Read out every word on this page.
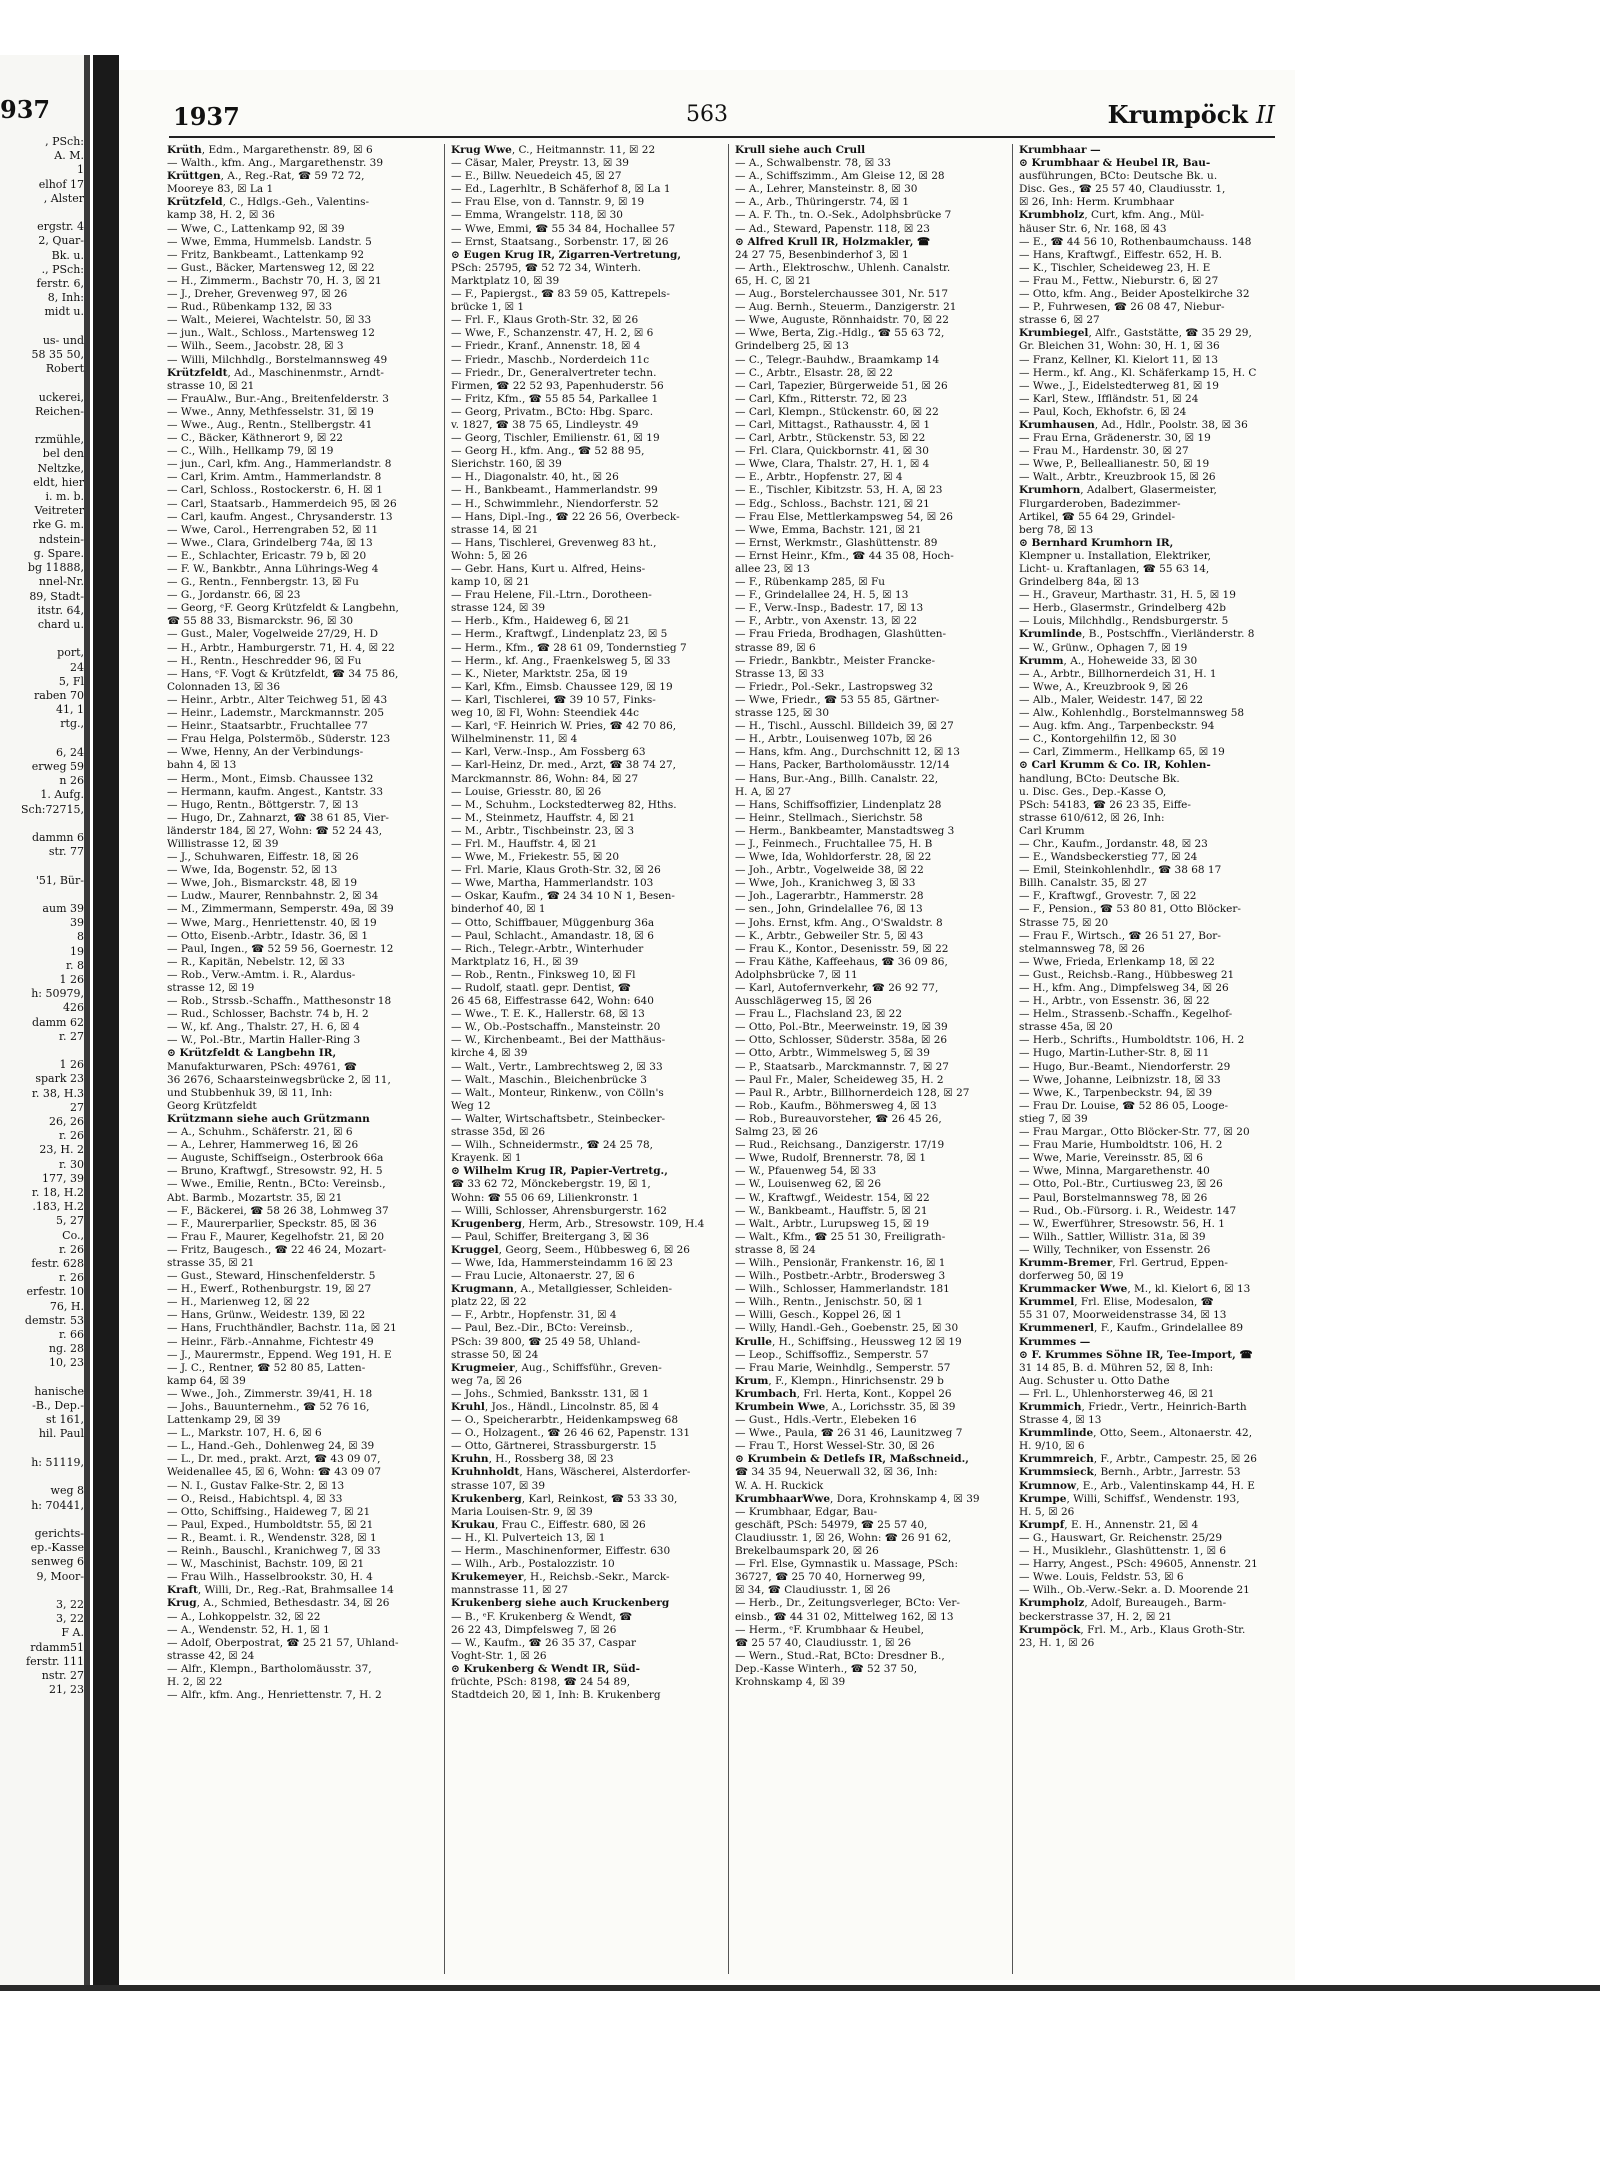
937
, PSch:
A. M.
1
elhof 17
, Alster

ergstr. 4
2, Quar-
Bk. u.
., PSch:
ferstr. 6,
8, Inh:
midt u.

us- und
58 35 50,
Robert

uckerei,
Reichen-

rzmühle,
bel den
Neltzke,
eldt, hier
i. m. b.
Veitreter
rke G. m.
ndstein-
g. Spare.
bg 11888,
nnel-Nr.
89, Stadt-
itstr. 64,
chard u.

port,
24
5, Fl
raben 70
41, 1
rtg.,

6, 24
erweg 59
n 26
1. Aufg.
Sch:72715,

dammn 6
str. 77

'51, Bür-

aum 39
39
8
19
r. 8
1 26
h: 50979,
426
damm 62
r. 27

1 26
spark 23
r. 38, H.3
27
26, 26
r. 26
23, H. 2
r. 30
177, 39
r. 18, H.2
.183, H.2
5, 27
Co.,
r. 26
festr. 628
r. 26
erfestr. 10
76, H.
demstr. 53
r. 66
ng. 28
10, 23

hanische
-B., Dep.-
st 161,
hil. Paul

h: 51119,

weg 8
h: 70441,

gerichts-
ep.-Kasse
senweg 6
9, Moor-

3, 22
3, 22
F A.
rdamm51
ferstr. 111
nstr. 27
21, 23
1937	563	Krumpöck II

Krüth, Edm., Margarethenstr. 89, ☒ 6

— Walth., kfm. Ang., Margarethenstr. 39

Krüttgen, A., Reg.-Rat, ☎ 59 72 72,

Mooreye 83, ☒ La 1

Krützfeld, C., Hdlgs.-Geh., Valentins-

kamp 38, H. 2, ☒ 36

— Wwe, C., Lattenkamp 92, ☒ 39

— Wwe, Emma, Hummelsb. Landstr. 5

— Fritz, Bankbeamt., Lattenkamp 92

— Gust., Bäcker, Martensweg 12, ☒ 22

— H., Zimmerm., Bachstr 70, H. 3, ☒ 21

— J., Dreher, Grevenweg 97, ☒ 26

— Rud., Rübenkamp 132, ☒ 33

— Walt., Meierei, Wachtelstr. 50, ☒ 33

— jun., Walt., Schloss., Martensweg 12

— Wilh., Seem., Jacobstr. 28, ☒ 3

— Willi, Milchhdlg., Borstelmannsweg 49

Krützfeldt, Ad., Maschinenmstr., Arndt-

strasse 10, ☒ 21

— FrauAlw., Bur.-Ang., Breitenfelderstr. 3

— Wwe., Anny, Methfesselstr. 31, ☒ 19

— Wwe., Aug., Rentn., Stellbergstr. 41

— C., Bäcker, Käthnerort 9, ☒ 22

— C., Wilh., Hellkamp 79, ☒ 19

— jun., Carl, kfm. Ang., Hammerlandstr. 8

— Carl, Krim. Amtm., Hammerlandstr. 8

— Carl, Schloss., Rostockerstr. 6, H. ☒ 1

— Carl, Staatsarb., Hammerdeich 95, ☒ 26

— Carl, kaufm. Angest., Chrysanderstr. 13

— Wwe, Carol., Herrengraben 52, ☒ 11

— Wwe., Clara, Grindelberg 74a, ☒ 13

— E., Schlachter, Ericastr. 79 b, ☒ 20

— F. W., Bankbtr., Anna Lührings-Weg 4

— G., Rentn., Fennbergstr. 13, ☒ Fu

— G., Jordanstr. 66, ☒ 23

— Georg, ᵉF. Georg Krützfeldt & Langbehn,

☎ 55 88 33, Bismarckstr. 96, ☒ 30

— Gust., Maler, Vogelweide 27/29, H. D

— H., Arbtr., Hamburgerstr. 71, H. 4, ☒ 22

— H., Rentn., Heschredder 96, ☒ Fu

— Hans, ᵉF. Vogt & Krützfeldt, ☎ 34 75 86,

Colonnaden 13, ☒ 36

— Heinr., Arbtr., Alter Teichweg 51, ☒ 43

— Heinr., Lademstr., Marckmannstr. 205

— Heinr., Staatsarbtr., Fruchtallee 77

— Frau Helga, Polstermöb., Süderstr. 123

— Wwe, Henny, An der Verbindungs-

bahn 4, ☒ 13

— Herm., Mont., Eimsb. Chaussee 132

— Hermann, kaufm. Angest., Kantstr. 33

— Hugo, Rentn., Böttgerstr. 7, ☒ 13

— Hugo, Dr., Zahnarzt, ☎ 38 61 85, Vier-

länderstr 184, ☒ 27, Wohn: ☎ 52 24 43,

Willistrasse 12, ☒ 39

— J., Schuhwaren, Eiffestr. 18, ☒ 26

— Wwe, Ida, Bogenstr. 52, ☒ 13

— Wwe, Joh., Bismarckstr. 48, ☒ 19

— Ludw., Maurer, Rennbahnstr. 2, ☒ 34

— M., Zimmermann, Semperstr. 49a, ☒ 39

— Wwe, Marg., Henriettenstr. 40, ☒ 19

— Otto, Eisenb.-Arbtr., Idastr. 36, ☒ 1

— Paul, Ingen., ☎ 52 59 56, Goernestr. 12

— R., Kapitän, Nebelstr. 12, ☒ 33

— Rob., Verw.-Amtm. i. R., Alardus-

strasse 12, ☒ 19

— Rob., Strssb.-Schaffn., Matthesonstr 18

— Rud., Schlosser, Bachstr. 74 b, H. 2

— W., kf. Ang., Thalstr. 27, H. 6, ☒ 4

— W., Pol.-Btr., Martin Haller-Ring 3

⊙ Krützfeldt & Langbehn IR,

Manufakturwaren, PSch: 49761, ☎

36 2676, Schaarsteinwegsbrücke 2, ☒ 11,

und Stubbenhuk 39, ☒ 11, Inh:

Georg Krützfeldt

Krützmann siehe auch Grützmann

— A., Schuhm., Schäferstr. 21, ☒ 6

— A., Lehrer, Hammerweg 16, ☒ 26

— Auguste, Schiffseign., Osterbrook 66a

— Bruno, Kraftwgf., Stresowstr. 92, H. 5

— Wwe., Emilie, Rentn., BCto: Vereinsb.,

Abt. Barmb., Mozartstr. 35, ☒ 21

— F., Bäckerei, ☎ 58 26 38, Lohmweg 37

— F., Maurerparlier, Speckstr. 85, ☒ 36

— Frau F., Maurer, Kegelhofstr. 21, ☒ 20

— Fritz, Baugesch., ☎ 22 46 24, Mozart-

strasse 35, ☒ 21

— Gust., Steward, Hinschenfelderstr. 5

— H., Ewerf., Rothenburgstr. 19, ☒ 27

— H., Marienweg 12, ☒ 22

— Hans, Grünw., Weidestr. 139, ☒ 22

— Hans, Fruchthändler, Bachstr. 11a, ☒ 21

— Heinr., Färb.-Annahme, Fichtestr 49

— J., Maurermstr., Eppend. Weg 191, H. E

— J. C., Rentner, ☎ 52 80 85, Latten-

kamp 64, ☒ 39

— Wwe., Joh., Zimmerstr. 39/41, H. 18

— Johs., Bauunternehm., ☎ 52 76 16,

Lattenkamp 29, ☒ 39

— L., Markstr. 107, H. 6, ☒ 6

— L., Hand.-Geh., Dohlenweg 24, ☒ 39

— L., Dr. med., prakt. Arzt, ☎ 43 09 07,

Weidenallee 45, ☒ 6, Wohn: ☎ 43 09 07

— N. I., Gustav Falke-Str. 2, ☒ 13

— O., Reisd., Habichtspl. 4, ☒ 33

— Otto, Schiffsing., Haideweg 7, ☒ 21

— Paul, Exped., Humboldtstr. 55, ☒ 21

— R., Beamt. i. R., Wendenstr. 328, ☒ 1

— Reinh., Bauschl., Kranichweg 7, ☒ 33

— W., Maschinist, Bachstr. 109, ☒ 21

— Frau Wilh., Hasselbrookstr. 30, H. 4

Kraft, Willi, Dr., Reg.-Rat, Brahmsallee 14

Krug, A., Schmied, Bethesdastr. 34, ☒ 26

— A., Lohkoppelstr. 32, ☒ 22

— A., Wendenstr. 52, H. 1, ☒ 1

— Adolf, Oberpostrat, ☎ 25 21 57, Uhland-

strasse 42, ☒ 24

— Alfr., Klempn., Bartholomäusstr. 37,

H. 2, ☒ 22

— Alfr., kfm. Ang., Henriettenstr. 7, H. 2

Krug Wwe, C., Heitmannstr. 11, ☒ 22

— Cäsar, Maler, Preystr. 13, ☒ 39

— E., Billw. Neuedeich 45, ☒ 27

— Ed., Lagerhltr., B Schäferhof 8, ☒ La 1

— Frau Else, von d. Tannstr. 9, ☒ 19

— Emma, Wrangelstr. 118, ☒ 30

— Wwe, Emmi, ☎ 55 34 84, Hochallee 57

— Ernst, Staatsang., Sorbenstr. 17, ☒ 26

⊙ Eugen Krug IR, Zigarren-Vertretung,

PSch: 25795, ☎ 52 72 34, Winterh.

Marktplatz 10, ☒ 39

— F., Papiergst., ☎ 83 59 05, Kattrepels-

brücke 1, ☒ 1

— Frl. F., Klaus Groth-Str. 32, ☒ 26

— Wwe, F., Schanzenstr. 47, H. 2, ☒ 6

— Friedr., Kranf., Annenstr. 18, ☒ 4

— Friedr., Maschb., Norderdeich 11c

— Friedr., Dr., Generalvertreter techn.

Firmen, ☎ 22 52 93, Papenhuderstr. 56

— Fritz, Kfm., ☎ 55 85 54, Parkallee 1

— Georg, Privatm., BCto: Hbg. Sparc.

v. 1827, ☎ 38 75 65, Lindleystr. 49

— Georg, Tischler, Emilienstr. 61, ☒ 19

— Georg H., kfm. Ang., ☎ 52 88 95,

Sierichstr. 160, ☒ 39

— H., Diagonalstr. 40, ht., ☒ 26

— H., Bankbeamt., Hammerlandstr. 99

— H., Schwimmlehr., Niendorferstr. 52

— Hans, Dipl.-Ing., ☎ 22 26 56, Overbeck-

strasse 14, ☒ 21

— Hans, Tischlerei, Grevenweg 83 ht.,

Wohn: 5, ☒ 26

— Gebr. Hans, Kurt u. Alfred, Heins-

kamp 10, ☒ 21

— Frau Helene, Fil.-Ltrn., Dorotheen-

strasse 124, ☒ 39

— Herb., Kfm., Haideweg 6, ☒ 21

— Herm., Kraftwgf., Lindenplatz 23, ☒ 5

— Herm., Kfm., ☎ 28 61 09, Tondernstieg 7

— Herm., kf. Ang., Fraenkelsweg 5, ☒ 33

— K., Nieter, Marktstr. 25a, ☒ 19

— Karl, Kfm., Eimsb. Chaussee 129, ☒ 19

— Karl, Tischlerei, ☎ 39 10 57, Finks-

weg 10, ☒ Fl, Wohn: Steendiek 44c

— Karl, ᵉF. Heinrich W. Pries, ☎ 42 70 86,

Wilhelminenstr. 11, ☒ 4

— Karl, Verw.-Insp., Am Fossberg 63

— Karl-Heinz, Dr. med., Arzt, ☎ 38 74 27,

Marckmannstr. 86, Wohn: 84, ☒ 27

— Louise, Griesstr. 80, ☒ 26

— M., Schuhm., Lockstedterweg 82, Hths.

— M., Steinmetz, Hauffstr. 4, ☒ 21

— M., Arbtr., Tischbeinstr. 23, ☒ 3

— Frl. M., Hauffstr. 4, ☒ 21

— Wwe, M., Friekestr. 55, ☒ 20

— Frl. Marie, Klaus Groth-Str. 32, ☒ 26

— Wwe, Martha, Hammerlandstr. 103

— Oskar, Kaufm., ☎ 24 34 10 N 1, Besen-

binderhof 40, ☒ 1

— Otto, Schiffbauer, Müggenburg 36a

— Paul, Schlacht., Amandastr. 18, ☒ 6

— Rich., Telegr.-Arbtr., Winterhuder

Marktplatz 16, H., ☒ 39

— Rob., Rentn., Finksweg 10, ☒ Fl

— Rudolf, staatl. gepr. Dentist, ☎

26 45 68, Eiffestrasse 642, Wohn: 640

— Wwe., T. E. K., Hallerstr. 68, ☒ 13

— W., Ob.-Postschaffn., Mansteinstr. 20

— W., Kirchenbeamt., Bei der Matthäus-

kirche 4, ☒ 39

— Walt., Vertr., Lambrechtsweg 2, ☒ 33

— Walt., Maschin., Bleichenbrücke 3

— Walt., Monteur, Rinkenw., von Cölln's

Weg 12

— Walter, Wirtschaftsbetr., Steinbecker-

strasse 35d, ☒ 26

— Wilh., Schneidermstr., ☎ 24 25 78,

Krayenk. ☒ 1

⊙ Wilhelm Krug IR, Papier-Vertretg.,

☎ 33 62 72, Mönckebergstr. 19, ☒ 1,

Wohn: ☎ 55 06 69, Lilienkronstr. 1

— Willi, Schlosser, Ahrensburgerstr. 162

Krugenberg, Herm, Arb., Stresowstr. 109, H.4

— Paul, Schiffer, Breitergang 3, ☒ 36

Kruggel, Georg, Seem., Hübbesweg 6, ☒ 26

— Wwe, Ida, Hammersteindamm 16 ☒ 23

— Frau Lucie, Altonaerstr. 27, ☒ 6

Krugmann, A., Metallgiesser, Schleiden-

platz 22, ☒ 22

— F., Arbtr., Hopfenstr. 31, ☒ 4

— Paul, Bez.-Dir., BCto: Vereinsb.,

PSch: 39 800, ☎ 25 49 58, Uhland-

strasse 50, ☒ 24

Krugmeier, Aug., Schiffsführ., Greven-

weg 7a, ☒ 26

— Johs., Schmied, Banksstr. 131, ☒ 1

Kruhl, Jos., Händl., Lincolnstr. 85, ☒ 4

— O., Speicherarbtr., Heidenkampsweg 68

— O., Holzagent., ☎ 26 46 62, Papenstr. 131

— Otto, Gärtnerei, Strassburgerstr. 15

Kruhn, H., Rossberg 38, ☒ 23

Kruhnholdt, Hans, Wäscherei, Alsterdorfer-

strasse 107, ☒ 39

Krukenberg, Karl, Reinkost, ☎ 53 33 30,

Maria Louisen-Str. 9, ☒ 39

Krukau, Frau C., Eiffestr. 680, ☒ 26

— H., Kl. Pulverteich 13, ☒ 1

— Herm., Maschinenformer, Eiffestr. 630

— Wilh., Arb., Postalozzistr. 10

Krukemeyer, H., Reichsb.-Sekr., Marck-

mannstrasse 11, ☒ 27

Krukenberg siehe auch Kruckenberg

— B., ᵉF. Krukenberg & Wendt, ☎

26 22 43, Dimpfelsweg 7, ☒ 26

— W., Kaufm., ☎ 26 35 37, Caspar

Voght-Str. 1, ☒ 26

⊙ Krukenberg & Wendt IR, Süd-

früchte, PSch: 8198, ☎ 24 54 89,

Stadtdeich 20, ☒ 1, Inh: B. Krukenberg

Krull siehe auch Crull

— A., Schwalbenstr. 78, ☒ 33

— A., Schiffszimm., Am Gleise 12, ☒ 28

— A., Lehrer, Mansteinstr. 8, ☒ 30

— A., Arb., Thüringerstr. 74, ☒ 1

— A. F. Th., tn. O.-Sek., Adolphsbrücke 7

— Ad., Steward, Papenstr. 118, ☒ 23

⊙ Alfred Krull IR, Holzmakler, ☎

24 27 75, Besenbinderhof 3, ☒ 1

— Arth., Elektroschw., Uhlenh. Canalstr.

65, H. C, ☒ 21

— Aug., Borstelerchaussee 301, Nr. 517

— Aug. Bernh., Steuerm., Danzigerstr. 21

— Wwe, Auguste, Rönnhaidstr. 70, ☒ 22

— Wwe, Berta, Zig.-Hdlg., ☎ 55 63 72,

Grindelberg 25, ☒ 13

— C., Telegr.-Bauhdw., Braamkamp 14

— C., Arbtr., Elsastr. 28, ☒ 22

— Carl, Tapezier, Bürgerweide 51, ☒ 26

— Carl, Kfm., Ritterstr. 72, ☒ 23

— Carl, Klempn., Stückenstr. 60, ☒ 22

— Carl, Mittagst., Rathausstr. 4, ☒ 1

— Carl, Arbtr., Stückenstr. 53, ☒ 22

— Frl. Clara, Quickbornstr. 41, ☒ 30

— Wwe, Clara, Thalstr. 27, H. 1, ☒ 4

— E., Arbtr., Hopfenstr. 27, ☒ 4

— E., Tischler, Kibitzstr. 53, H. A, ☒ 23

— Edg., Schloss., Bachstr. 121, ☒ 21

— Frau Else, Mettlerkampsweg 54, ☒ 26

— Wwe, Emma, Bachstr. 121, ☒ 21

— Ernst, Werkmstr., Glashüttenstr. 89

— Ernst Heinr., Kfm., ☎ 44 35 08, Hoch-

allee 23, ☒ 13

— F., Rübenkamp 285, ☒ Fu

— F., Grindelallee 24, H. 5, ☒ 13

— F., Verw.-Insp., Badestr. 17, ☒ 13

— F., Arbtr., von Axenstr. 13, ☒ 22

— Frau Frieda, Brodhagen, Glashütten-

strasse 89, ☒ 6

— Friedr., Bankbtr., Meister Francke-

Strasse 13, ☒ 33

— Friedr., Pol.-Sekr., Lastropsweg 32

— Wwe, Friedr., ☎ 53 55 85, Gärtner-

strasse 125, ☒ 30

— H., Tischl., Ausschl. Billdeich 39, ☒ 27

— H., Arbtr., Louisenweg 107b, ☒ 26

— Hans, kfm. Ang., Durchschnitt 12, ☒ 13

— Hans, Packer, Bartholomäusstr. 12/14

— Hans, Bur.-Ang., Billh. Canalstr. 22,

H. A, ☒ 27

— Hans, Schiffsoffizier, Lindenplatz 28

— Heinr., Stellmach., Sierichstr. 58

— Herm., Bankbeamter, Manstadtsweg 3

— J., Feinmech., Fruchtallee 75, H. B

— Wwe, Ida, Wohldorferstr. 28, ☒ 22

— Joh., Arbtr., Vogelweide 38, ☒ 22

— Wwe, Joh., Kranichweg 3, ☒ 33

— Joh., Lagerarbtr., Hammerstr. 28

— sen., John, Grindelallee 76, ☒ 13

— Johs. Ernst, kfm. Ang., O'Swaldstr. 8

— K., Arbtr., Gebweiler Str. 5, ☒ 43

— Frau K., Kontor., Desenisstr. 59, ☒ 22

— Frau Käthe, Kaffeehaus, ☎ 36 09 86,

Adolphsbrücke 7, ☒ 11

— Karl, Autofernverkehr, ☎ 26 92 77,

Ausschlägerweg 15, ☒ 26

— Frau L., Flachsland 23, ☒ 22

— Otto, Pol.-Btr., Meerweinstr. 19, ☒ 39

— Otto, Schlosser, Süderstr. 358a, ☒ 26

— Otto, Arbtr., Wimmelsweg 5, ☒ 39

— P., Staatsarb., Marckmannstr. 7, ☒ 27

— Paul Fr., Maler, Scheideweg 35, H. 2

— Paul R., Arbtr., Billhornerdeich 128, ☒ 27

— Rob., Kaufm., Böhmersweg 4, ☒ 13

— Rob., Bureauvorsteher, ☎ 26 45 26,

Salmg 23, ☒ 26

— Rud., Reichsang., Danzigerstr. 17/19

— Wwe, Rudolf, Brennerstr. 78, ☒ 1

— W., Pfauenweg 54, ☒ 33

— W., Louisenweg 62, ☒ 26

— W., Kraftwgf., Weidestr. 154, ☒ 22

— W., Bankbeamt., Hauffstr. 5, ☒ 21

— Walt., Arbtr., Lurupsweg 15, ☒ 19

— Walt., Kfm., ☎ 25 51 30, Freiligrath-

strasse 8, ☒ 24

— Wilh., Pensionär, Frankenstr. 16, ☒ 1

— Wilh., Postbetr.-Arbtr., Brodersweg 3

— Wilh., Schlosser, Hammerlandstr. 181

— Wilh., Rentn., Jenischstr. 50, ☒ 1

— Willi, Gesch., Koppel 26, ☒ 1

— Willy, Handl.-Geh., Goebenstr. 25, ☒ 30

Krulle, H., Schiffsing., Heussweg 12 ☒ 19

— Leop., Schiffsoffiz., Semperstr. 57

— Frau Marie, Weinhdlg., Semperstr. 57

Krum, F., Klempn., Hinrichsenstr. 29 b

Krumbach, Frl. Herta, Kont., Koppel 26

Krumbein Wwe, A., Lorichsstr. 35, ☒ 39

— Gust., Hdls.-Vertr., Elebeken 16

— Wwe., Paula, ☎ 26 31 46, Launitzweg 7

— Frau T., Horst Wessel-Str. 30, ☒ 26

⊙ Krumbein & Detlefs IR, Maßschneid.,

☎ 34 35 94, Neuerwall 32, ☒ 36, Inh:

W. A. H. Ruckick

KrumbhaarWwe, Dora, Krohnskamp 4, ☒ 39

— Krumbhaar, Edgar, Bau-

geschäft, PSch: 54979, ☎ 25 57 40,

Claudiusstr. 1, ☒ 26, Wohn: ☎ 26 91 62,

Brekelbaumspark 20, ☒ 26

— Frl. Else, Gymnastik u. Massage, PSch:

36727, ☎ 25 70 40, Hornerweg 99,

☒ 34, ☎ Claudiusstr. 1, ☒ 26

— Herb., Dr., Zeitungsverleger, BCto: Ver-

einsb., ☎ 44 31 02, Mittelweg 162, ☒ 13

— Herm., ᵉF. Krumbhaar & Heubel,

☎ 25 57 40, Claudiusstr. 1, ☒ 26

— Wern., Stud.-Rat, BCto: Dresdner B.,

Dep.-Kasse Winterh., ☎ 52 37 50,

Krohnskamp 4, ☒ 39

Krumbhaar —

⊙ Krumbhaar & Heubel IR, Bau-

ausführungen, BCto: Deutsche Bk. u.

Disc. Ges., ☎ 25 57 40, Claudiusstr. 1,

☒ 26, Inh: Herm. Krumbhaar

Krumbholz, Curt, kfm. Ang., Mül-

häuser Str. 6, Nr. 168, ☒ 43

— E., ☎ 44 56 10, Rothenbaumchauss. 148

— Hans, Kraftwgf., Eiffestr. 652, H. B.

— K., Tischler, Scheideweg 23, H. E

— Frau M., Fettw., Nieburstr. 6, ☒ 27

— Otto, kfm. Ang., Beider Apostelkirche 32

— P., Fuhrwesen, ☎ 26 08 47, Niebur-

strasse 6, ☒ 27

Krumbiegel, Alfr., Gaststätte, ☎ 35 29 29,

Gr. Bleichen 31, Wohn: 30, H. 1, ☒ 36

— Franz, Kellner, Kl. Kielort 11, ☒ 13

— Herm., kf. Ang., Kl. Schäferkamp 15, H. C

— Wwe., J., Eidelstedterweg 81, ☒ 19

— Karl, Stew., Iffländstr. 51, ☒ 24

— Paul, Koch, Ekhofstr. 6, ☒ 24

Krumhausen, Ad., Hdlr., Poolstr. 38, ☒ 36

— Frau Erna, Grädenerstr. 30, ☒ 19

— Frau M., Hardenstr. 30, ☒ 27

— Wwe, P., Belleallianestr. 50, ☒ 19

— Walt., Arbtr., Kreuzbrook 15, ☒ 26

Krumhorn, Adalbert, Glasermeister,

Flurgarderoben, Badezimmer-

Artikel, ☎ 55 64 29, Grindel-

berg 78, ☒ 13

⊙ Bernhard Krumhorn IR,

Klempner u. Installation, Elektriker,

Licht- u. Kraftanlagen, ☎ 55 63 14,

Grindelberg 84a, ☒ 13

— H., Graveur, Marthastr. 31, H. 5, ☒ 19

— Herb., Glasermstr., Grindelberg 42b

— Louis, Milchhdlg., Rendsburgerstr. 5

Krumlinde, B., Postschffn., Vierländerstr. 8

— W., Grünw., Ophagen 7, ☒ 19

Krumm, A., Hoheweide 33, ☒ 30

— A., Arbtr., Billhornerdeich 31, H. 1

— Wwe, A., Kreuzbrook 9, ☒ 26

— Alb., Maler, Weidestr. 147, ☒ 22

— Alw., Kohlenhdlg., Borstelmannsweg 58

— Aug. kfm. Ang., Tarpenbeckstr. 94

— C., Kontorgehilfin 12, ☒ 30

— Carl, Zimmerm., Hellkamp 65, ☒ 19

⊙ Carl Krumm & Co. IR, Kohlen-

handlung, BCto: Deutsche Bk.

u. Disc. Ges., Dep.-Kasse O,

PSch: 54183, ☎ 26 23 35, Eiffe-

strasse 610/612, ☒ 26, Inh:

Carl Krumm

— Chr., Kaufm., Jordanstr. 48, ☒ 23

— E., Wandsbeckerstieg 77, ☒ 24

— Emil, Steinkohlenhdlr., ☎ 38 68 17

Billh. Canalstr. 35, ☒ 27

— F., Kraftwgf., Grovestr. 7, ☒ 22

— F., Pension., ☎ 53 80 81, Otto Blöcker-

Strasse 75, ☒ 20

— Frau F., Wirtsch., ☎ 26 51 27, Bor-

stelmannsweg 78, ☒ 26

— Wwe, Frieda, Erlenkamp 18, ☒ 22

— Gust., Reichsb.-Rang., Hübbesweg 21

— H., kfm. Ang., Dimpfelsweg 34, ☒ 26

— H., Arbtr., von Essenstr. 36, ☒ 22

— Helm., Strassenb.-Schaffn., Kegelhof-

strasse 45a, ☒ 20

— Herb., Schrifts., Humboldtstr. 106, H. 2

— Hugo, Martin-Luther-Str. 8, ☒ 11

— Hugo, Bur.-Beamt., Niendorferstr. 29

— Wwe, Johanne, Leibnizstr. 18, ☒ 33

— Wwe, K., Tarpenbeckstr. 94, ☒ 39

— Frau Dr. Louise, ☎ 52 86 05, Looge-

stieg 7, ☒ 39

— Frau Margar., Otto Blöcker-Str. 77, ☒ 20

— Frau Marie, Humboldtstr. 106, H. 2

— Wwe, Marie, Vereinsstr. 85, ☒ 6

— Wwe, Minna, Margarethenstr. 40

— Otto, Pol.-Btr., Curtiusweg 23, ☒ 26

— Paul, Borstelmannsweg 78, ☒ 26

— Rud., Ob.-Fürsorg. i. R., Weidestr. 147

— W., Ewerführer, Stresowstr. 56, H. 1

— Wilh., Sattler, Willistr. 31a, ☒ 39

— Willy, Techniker, von Essenstr. 26

Krumm-Bremer, Frl. Gertrud, Eppen-

dorferweg 50, ☒ 19

Krummacker Wwe, M., kl. Kielort 6, ☒ 13

Krummel, Frl. Elise, Modesalon, ☎

55 31 07, Moorweidenstrasse 34, ☒ 13

Krummenerl, F., Kaufm., Grindelallee 89

Krummes —

⊙ F. Krummes Söhne IR, Tee-Import, ☎

31 14 85, B. d. Mühren 52, ☒ 8, Inh:

Aug. Schuster u. Otto Dathe

— Frl. L., Uhlenhorsterweg 46, ☒ 21

Krummich, Friedr., Vertr., Heinrich-Barth

Strasse 4, ☒ 13

Krummlinde, Otto, Seem., Altonaerstr. 42,

H. 9/10, ☒ 6

Krummreich, F., Arbtr., Campestr. 25, ☒ 26

Krummsieck, Bernh., Arbtr., Jarrestr. 53

Krumnow, E., Arb., Valentinskamp 44, H. E

Krumpe, Willi, Schiffsf., Wendenstr. 193,

H. 5, ☒ 26

Krumpf, E. H., Annenstr. 21, ☒ 4

— G., Hauswart, Gr. Reichenstr. 25/29

— H., Musiklehr., Glashüttenstr. 1, ☒ 6

— Harry, Angest., PSch: 49605, Annenstr. 21

— Wwe. Louis, Feldstr. 53, ☒ 6

— Wilh., Ob.-Verw.-Sekr. a. D. Moorende 21

Krumpholz, Adolf, Bureaugeh., Barm-

beckerstrasse 37, H. 2, ☒ 21

Krumpöck, Frl. M., Arb., Klaus Groth-Str.

23, H. 1, ☒ 26
